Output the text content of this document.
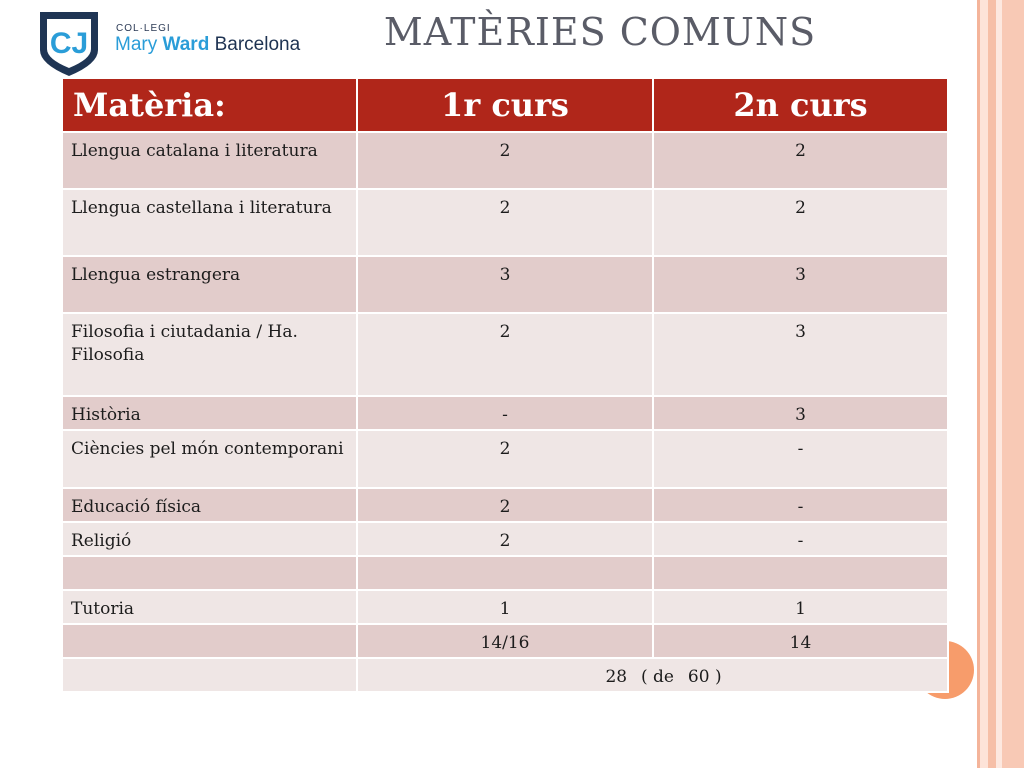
CJ	COL·LEGI
Mary Ward Barcelona	MATÈRIES COMUNS
Matèria:	1r curs	2n curs
Llengua catalana i literatura	2	2
Llengua castellana i literatura	2	2
Llengua estrangera	3	3
Filosofia i ciutadania / Ha. Filosofia	2	3
Història	-	3
Ciències pel món contemporani	2	-
Educació física	2	-
Religió	2	-

Tutoria	1	1
	14/16	14
	28 ( de 60 )	
